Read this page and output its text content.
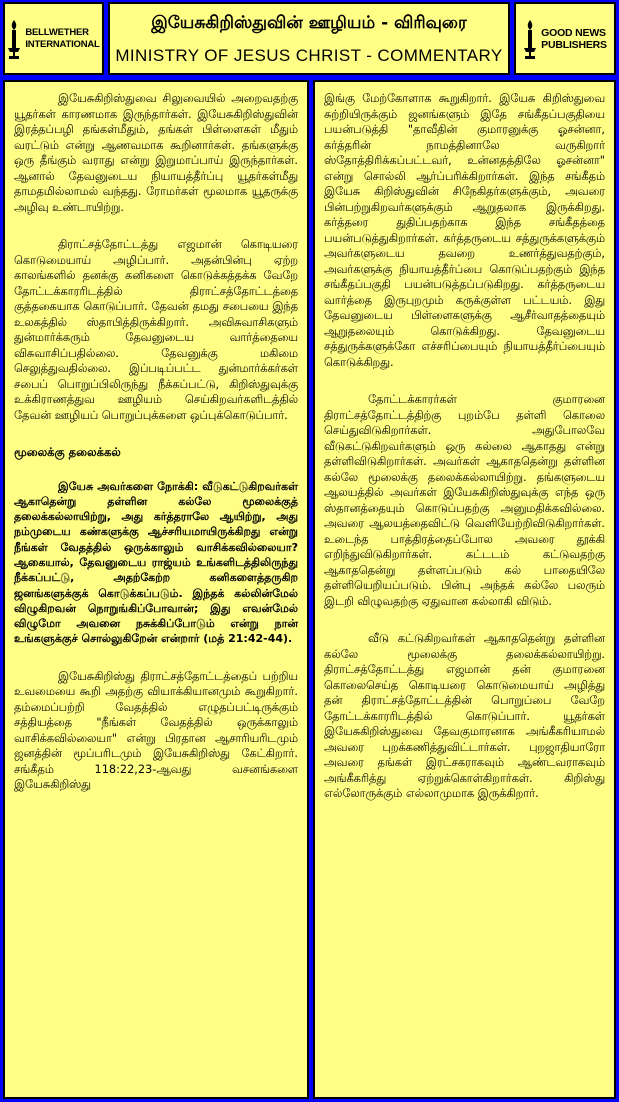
BELLWETHER
INTERNATIONAL
இயேசுகிறிஸ்துவின் ஊழியம் - விரிவுரை
MINISTRY OF JESUS CHRIST - COMMENTARY
GOOD NEWS
PUBLISHERS

இயேசுகிறிஸ்துவை சிலுவையில் அறைவதற்கு யூதர்கள் காரணமாக இருந்தார்கள். இயேசுகிறிஸ்துவின் இரத்தப்பழி தங்கள்மீதும், தங்கள் பிள்ளைகள் மீதும் வரட்டும் என்று ஆணவமாக கூறினார்கள். தங்களுக்கு ஒரு தீங்கும் வராது என்று இறுமாப்பாய் இருந்தார்கள். ஆனால் தேவனுடைய நியாயத்தீர்ப்பு யூதர்கள்மீது தாமதமில்லாமல் வந்தது. ரோமர்கள் மூலமாக யூதருக்கு அழிவு உண்டாயிற்று.

திராட்சத்தோட்டத்து எஜமான் கொடியரை கொடுமையாய் அழிப்பார். அதன்பின்பு ஏற்ற காலங்களில் தனக்கு கனிகளை கொடுக்கத்தக்க வேறே தோட்டக்காரரிடத்தில் திராட்சத்தோட்டத்தை குத்தகையாக கொடுப்பார். தேவன் தமது சபையை இந்த உலகத்தில் ஸ்தாபித்திருக்கிறார். அவிசுவாசிகளும் துன்மார்க்கரும் தேவனுடைய வார்த்தையை விசுவாசிப்பதில்லை. தேவனுக்கு மகிமை செலுத்துவதில்லை. இப்படிப்பட்ட துன்மார்க்கர்கள் சபைப் பொறுப்பிலிருந்து நீக்கப்பட்டு, கிறிஸ்துவுக்கு உக்கிராணத்துவ ஊழியம் செய்கிறவர்களிடத்தில் தேவன் ஊழியப் பொறுப்புக்களை ஒப்புக்கொடுப்பார்.

மூலைக்கு தலைக்கல்

இயேசு அவர்களை நோக்கி: வீடுகட்டுகிறவர்கள் ஆகாதென்று தள்ளின கல்லே மூலைக்குத் தலைக்கல்லாயிற்று, அது கர்த்தராலே ஆயிற்று, அது நம்முடைய கண்களுக்கு ஆச்சரியமாயிருக்கிறது என்று நீங்கள் வேதத்தில் ஒருக்காலும் வாசிக்கவில்லையா? ஆகையால், தேவனுடைய ராஜ்யம் உங்களிடத்திலிருந்து நீக்கப்பட்டு, அதற்கேற்ற கனிகளைத்தருகிற ஜனங்களுக்குக் கொடுக்கப்படும். இந்தக் கல்லின்மேல் விழுகிறவன் நொறுங்கிப்போவான்; இது எவன்மேல் விழுமோ அவனை நசுக்கிப்போடும் என்று நான் உங்களுக்குச் சொல்லுகிறேன் என்றார் (மத் 21:42-44).

இயேசுகிறிஸ்து திராட்சத்தோட்டத்தைப் பற்றிய உவமையை கூறி அதற்கு வியாக்கியானமும் கூறுகிறார். தம்மைப்பற்றி வேதத்தில் எழுதப்பட்டிருக்கும் சத்தியத்தை "நீங்கள் வேதத்தில் ஒருக்காலும் வாசிக்கவில்லையா" என்று பிரதான ஆசாரியரிடமும் ஜனத்தின் மூப்பரிடமும் இயேசுகிறிஸ்து கேட்கிறார். சங்கீதம் 118:22,23-ஆவது வசனங்களை இயேசுகிறிஸ்து

இங்கு மேற்கோளாக கூறுகிறார். இயேசு கிறிஸ்துவை சுற்றியிருக்கும் ஜனங்களும் இதே சங்கீதப்பகுதியை பயன்படுத்தி "தாவீதின் குமாரனுக்கு ஓசன்னா, கர்த்தரின் நாமத்தினாலே வருகிறார் ஸ்தோத்திரிக்கப்பட்டவர், உன்னதத்திலே ஓசன்னா" என்று சொல்லி ஆர்ப்பரிக்கிறார்கள். இந்த சங்கீதம் இயேசு கிறிஸ்துவின் சிநேகிதர்களுக்கும், அவரை பின்பற்றுகிறவர்களுக்கும் ஆறுதலாக இருக்கிறது. கர்த்தரை துதிப்பதற்காக இந்த சங்கீதத்தை பயன்படுத்துகிறார்கள். கர்த்தருடைய சத்துருக்களுக்கும் அவர்களுடைய தவறை உணர்த்துவதற்கும், அவர்களுக்கு நியாயத்தீர்ப்பை கொடுப்பதற்கும் இந்த சங்கீதப்பகுதி பயன்படுத்தப்படுகிறது. கர்த்தருடைய வார்த்தை இருபுறமும் கருக்குள்ள பட்டயம். இது தேவனுடைய பிள்ளைகளுக்கு ஆசீர்வாதத்தையும் ஆறுதலையும் கொடுக்கிறது. தேவனுடைய சத்துருக்களுக்கோ எச்சரிப்பையும் நியாயத்தீர்ப்பையும் கொடுக்கிறது.

தோட்டக்காரர்கள் குமாரனை திராட்சத்தோட்டத்திற்கு புறம்பே தள்ளி கொலை செய்துவிடுகிறார்கள். அதுபோலவே வீடுகட்டுகிறவர்களும் ஒரு கல்லை ஆகாதது என்று தள்ளிவிடுகிறார்கள். அவர்கள் ஆகாததென்று தள்ளின கல்லே மூலைக்கு தலைக்கல்லாயிற்று. தங்களுடைய ஆலயத்தில் அவர்கள் இயேசுகிறிஸ்துவுக்கு எந்த ஒரு ஸ்தானத்தையும் கொடுப்பதற்கு அனுமதிக்கவில்லை. அவரை ஆலயத்தைவிட்டு வெளியேற்றிவிடுகிறார்கள். உடைந்த பாத்திரத்தைப்போல அவரை தூக்கி எறிந்துவிடுகிறார்கள். கட்டடம் கட்டுவதற்கு ஆகாததென்று தள்ளப்படும் கல் பாதையிலே தள்ளியெறியப்படும். பின்பு அந்தக் கல்லே பலரும் இடறி விழுவதற்கு ஏதுவான கல்லாகி விடும்.

வீடு கட்டுகிறவர்கள் ஆகாததென்று தள்ளின கல்லே மூலைக்கு தலைக்கல்லாயிற்று. திராட்சத்தோட்டத்து எஜமான் தன் குமாரனை கொலைசெய்த கொடியரை கொடுமையாய் அழித்து தன் திராட்சத்தோட்டத்தின் பொறுப்பை வேறே தோட்டக்காரரிடத்தில் கொடுப்பார். யூதர்கள் இயேசுகிறிஸ்துவை தேவகுமாரனாக அங்கீகரியாமல் அவரை புறக்கணித்துவிட்டார்கள். புறஜாதியாரோ அவரை தங்கள் இரட்சகராகவும் ஆண்டவராகவும் அங்கீகரித்து ஏற்றுக்கொள்கிறார்கள். கிறிஸ்து எல்லோருக்கும் எல்லாமுமாக இருக்கிறார்.
